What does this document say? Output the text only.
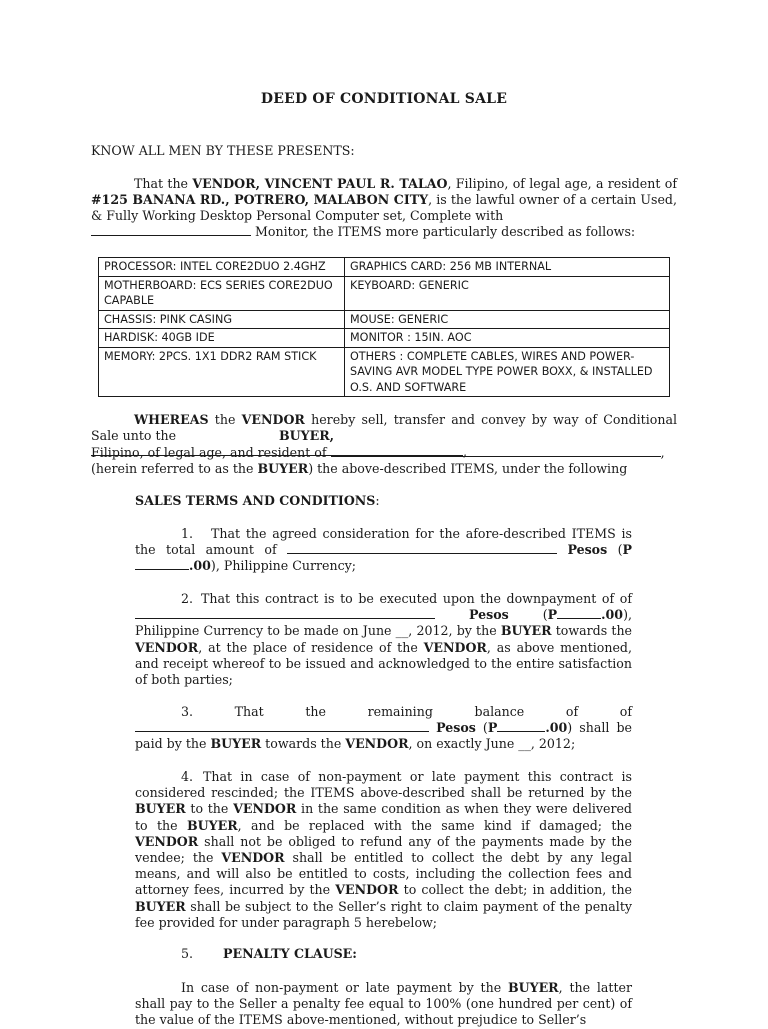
DEED OF CONDITIONAL SALE
KNOW ALL MEN BY THESE PRESENTS:
That the VENDOR, VINCENT PAUL R. TALAO, Filipino, of legal age, a resident of #125 BANANA RD., POTRERO, MALABON CITY, is the lawful owner of a certain Used, & Fully Working Desktop Personal Computer set, Complete with
Monitor, the ITEMS more particularly described as follows:
PROCESSOR: INTEL CORE2DUO 2.4GHZ	GRAPHICS CARD: 256 MB INTERNAL
MOTHERBOARD: ECS SERIES CORE2DUO CAPABLE	KEYBOARD: GENERIC
CHASSIS: PINK CASING	MOUSE: GENERIC
HARDISK: 40GB IDE	MONITOR : 15IN. AOC
MEMORY: 2PCS. 1X1 DDR2 RAM STICK	OTHERS : COMPLETE CABLES, WIRES AND POWER-SAVING AVR MODEL TYPE POWER BOXX, & INSTALLED O.S. AND SOFTWARE
WHEREAS the VENDOR hereby sell, transfer and convey by way of Conditional Sale unto the	BUYER, ,
Filipino, of legal age, and resident of	,
(herein referred to as the BUYER) the above-described ITEMS, under the following
SALES TERMS AND CONDITIONS:
1. That the agreed consideration for the afore-described ITEMS is the total amount of	Pesos (P.00), Philippine Currency;
2. That this contract is to be executed upon the downpayment of of  Pesos (P	.00), Philippine Currency to be made on June __, 2012, by the BUYER towards the VENDOR, at the place of residence of the VENDOR, as above mentioned, and receipt whereof to be issued and acknowledged to the entire satisfaction of both parties;
3.	That	the	remaining	balance	of	of
Pesos (P	.00) shall be paid by the BUYER towards the VENDOR, on exactly June __, 2012;
4. That in case of non-payment or late payment this contract is considered rescinded; the ITEMS above-described shall be returned by the BUYER to the VENDOR in the same condition as when they were delivered to the BUYER, and be replaced with the same kind if damaged; the VENDOR shall not be obliged to refund any of the payments made by the vendee; the VENDOR shall be entitled to collect the debt by any legal means, and will also be entitled to costs, including the collection fees and attorney fees, incurred by the VENDOR to collect the debt; in addition, the BUYER shall be subject to the Seller’s right to claim payment of the penalty fee provided for under paragraph 5 herebelow;
5. PENALTY CLAUSE:
In case of non-payment or late payment by the BUYER, the latter shall pay to the Seller a penalty fee equal to 100% (one hundred per cent) of the value of the ITEMS above-mentioned, without prejudice to Seller’s
